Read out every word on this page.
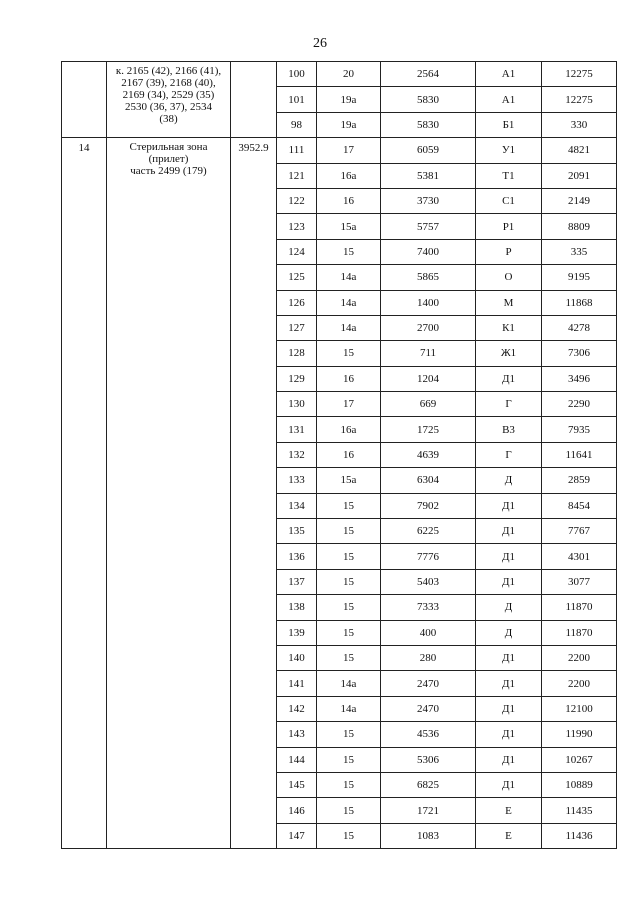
26

	к. 2165 (42), 2166 (41),
2167 (39), 2168 (40),
2169 (34), 2529 (35)
2530 (36, 37), 2534
(38)		100	20	2564	А1	12275
			101	19а	5830	А1	12275
			98	19а	5830	Б1	330
14	Стерильная зона
(прилет)
часть 2499 (179)	3952.9	111	17	6059	У1	4821
			121	16а	5381	Т1	2091
			122	16	3730	С1	2149
			123	15а	5757	Р1	8809
			124	15	7400	Р	335
			125	14а	5865	О	9195
			126	14а	1400	М	11868
			127	14а	2700	К1	4278
			128	15	711	Ж1	7306
			129	16	1204	Д1	3496
			130	17	669	Г	2290
			131	16а	1725	В3	7935
			132	16	4639	Г	11641
			133	15а	6304	Д	2859
			134	15	7902	Д1	8454
			135	15	6225	Д1	7767
			136	15	7776	Д1	4301
			137	15	5403	Д1	3077
			138	15	7333	Д	11870
			139	15	400	Д	11870
			140	15	280	Д1	2200
			141	14а	2470	Д1	2200
			142	14а	2470	Д1	12100
			143	15	4536	Д1	11990
			144	15	5306	Д1	10267
			145	15	6825	Д1	10889
			146	15	1721	Е	11435
			147	15	1083	Е	11436
